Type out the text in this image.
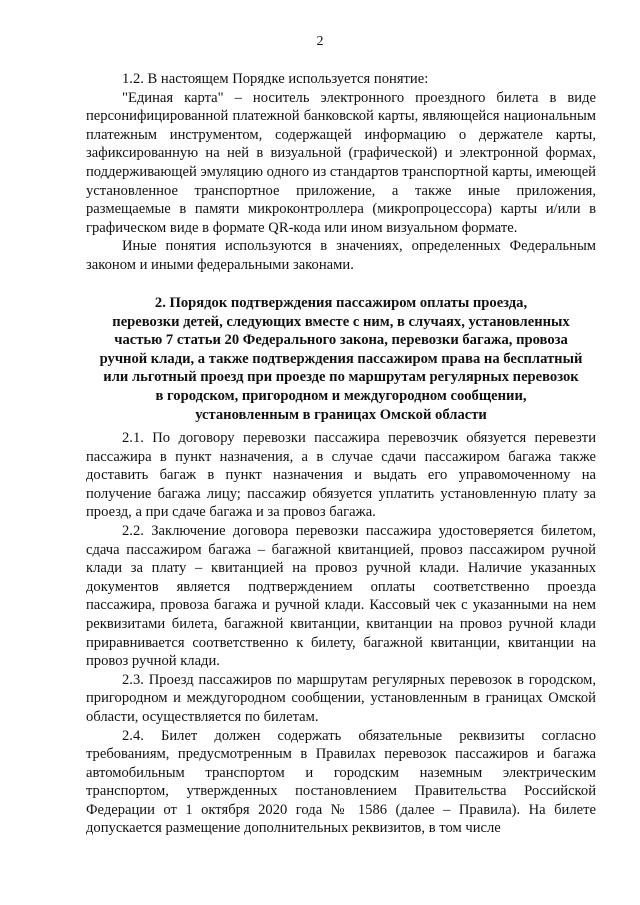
2

1.2. В настоящем Порядке используется понятие:

"Единая карта" – носитель электронного проездного билета в виде персонифицированной платежной банковской карты, являющейся национальным платежным инструментом, содержащей информацию о держателе карты, зафиксированную на ней в визуальной (графической) и электронной формах, поддерживающей эмуляцию одного из стандартов транспортной карты, имеющей установленное транспортное приложение, а также иные приложения, размещаемые в памяти микроконтроллера (микропроцессора) карты и/или в графическом виде в формате QR-кода или ином визуальном формате.

Иные понятия используются в значениях, определенных Федеральным законом и иными федеральными законами.

2. Порядок подтверждения пассажиром оплаты проезда,
перевозки детей, следующих вместе с ним, в случаях, установленных
частью 7 статьи 20 Федерального закона, перевозки багажа, провоза
ручной клади, а также подтверждения пассажиром права на бесплатный
или льготный проезд при проезде по маршрутам регулярных перевозок
в городском, пригородном и междугородном сообщении,
установленным в границах Омской области

2.1. По договору перевозки пассажира перевозчик обязуется перевезти пассажира в пункт назначения, а в случае сдачи пассажиром багажа также доставить багаж в пункт назначения и выдать его управомоченному на получение багажа лицу; пассажир обязуется уплатить установленную плату за проезд, а при сдаче багажа и за провоз багажа.

2.2. Заключение договора перевозки пассажира удостоверяется билетом, сдача пассажиром багажа – багажной квитанцией, провоз пассажиром ручной клади за плату – квитанцией на провоз ручной клади. Наличие указанных документов является подтверждением оплаты соответственно проезда пассажира, провоза багажа и ручной клади. Кассовый чек с указанными на нем реквизитами билета, багажной квитанции, квитанции на провоз ручной клади приравнивается соответственно к билету, багажной квитанции, квитанции на провоз ручной клади.

2.3. Проезд пассажиров по маршрутам регулярных перевозок в городском, пригородном и междугородном сообщении, установленным в границах Омской области, осуществляется по билетам.

2.4. Билет должен содержать обязательные реквизиты согласно требованиям, предусмотренным в Правилах перевозок пассажиров и багажа автомобильным транспортом и городским наземным электрическим транспортом, утвержденных постановлением Правительства Российской Федерации от 1 октября 2020 года № 1586 (далее – Правила). На билете допускается размещение дополнительных реквизитов, в том числе
